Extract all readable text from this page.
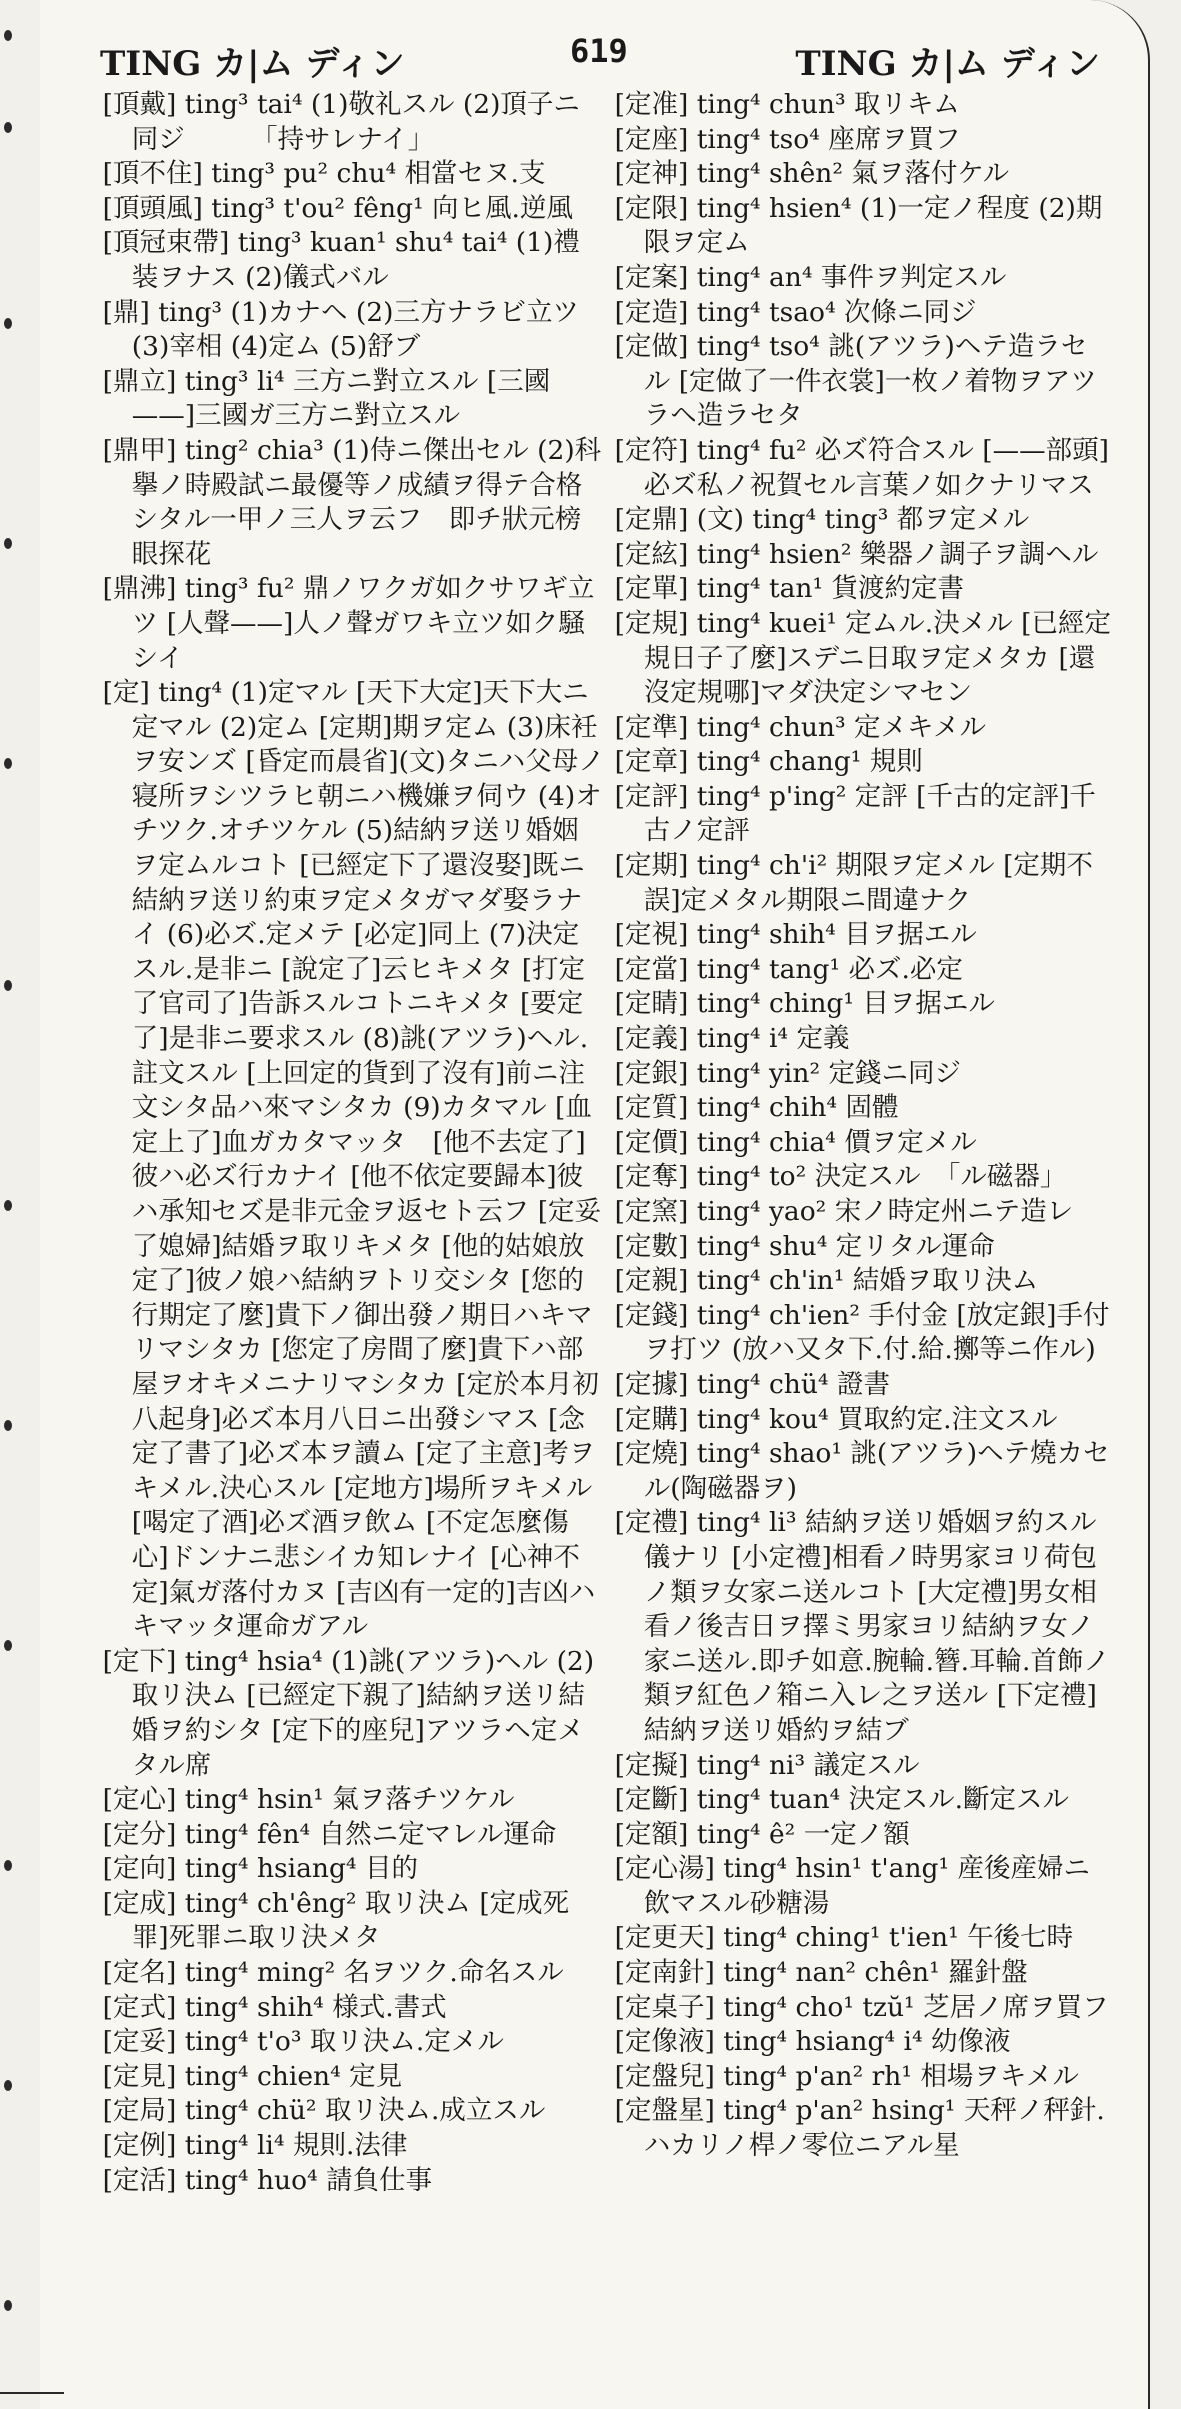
TING カ|ム ディン	619	TING カ|ム ディン

[頂戴] ting³ tai⁴ (1)敬礼スル (2)頂子ニ同ジ　　　「持サレナイ」

[頂不住] ting³ pu² chu⁴ 相當セヌ.支

[頂頭風] ting³ t'ou² fêng¹ 向ヒ風.逆風

[頂冠束帶] ting³ kuan¹ shu⁴ tai⁴ (1)禮装ヲナス (2)儀式バル

[鼎] ting³ (1)カナヘ (2)三方ナラビ立ツ (3)宰相 (4)定ム (5)舒ブ

[鼎立] ting³ li⁴ 三方ニ對立スル [三國——]三國ガ三方ニ對立スル

[鼎甲] ting² chia³ (1)侍ニ傑出セル (2)科擧ノ時殿試ニ最優等ノ成績ヲ得テ合格シタル一甲ノ三人ヲ云フ　即チ狀元榜眼探花

[鼎沸] ting³ fu² 鼎ノワクガ如クサワギ立ツ [人聲——]人ノ聲ガワキ立ツ如ク騒シイ

[定] ting⁴ (1)定マル [天下大定]天下大ニ定マル (2)定ム [定期]期ヲ定ム (3)床衽ヲ安ンズ [昏定而晨省](文)タニハ父母ノ寝所ヲシツラヒ朝ニハ機嫌ヲ伺ウ (4)オチツク.オチツケル (5)結納ヲ送リ婚姻ヲ定ムルコト [已經定下了還沒娶]既ニ結納ヲ送リ約束ヲ定メタガマダ娶ラナイ (6)必ズ.定メテ [必定]同上 (7)決定スル.是非ニ [說定了]云ヒキメタ [打定了官司了]告訴スルコトニキメタ [要定了]是非ニ要求スル (8)誂(アツラ)ヘル.註文スル [上回定的貨到了沒有]前ニ注文シタ品ハ來マシタカ (9)カタマル [血定上了]血ガカタマッタ　[他不去定了]彼ハ必ズ行カナイ [他不依定要歸本]彼ハ承知セズ是非元金ヲ返セト云フ [定妥了媳婦]結婚ヲ取リキメタ [他的姑娘放定了]彼ノ娘ハ結納ヲトリ交シタ [您的行期定了麼]貴下ノ御出發ノ期日ハキマリマシタカ [您定了房間了麼]貴下ハ部屋ヲオキメニナリマシタカ [定於本月初八起身]必ズ本月八日ニ出發シマス [念定了書了]必ズ本ヲ讀ム [定了主意]考ヲキメル.決心スル [定地方]場所ヲキメル [喝定了酒]必ズ酒ヲ飲ム [不定怎麼傷心]ドンナニ悲シイカ知レナイ [心神不定]氣ガ落付カヌ [吉凶有一定的]吉凶ハキマッタ運命ガアル

[定下] ting⁴ hsia⁴ (1)誂(アツラ)ヘル (2)取リ決ム [已經定下親了]結納ヲ送リ結婚ヲ約シタ [定下的座兒]アツラヘ定メタル席

[定心] ting⁴ hsin¹ 氣ヲ落チツケル

[定分] ting⁴ fên⁴ 自然ニ定マレル運命

[定向] ting⁴ hsiang⁴ 目的

[定成] ting⁴ ch'êng² 取リ決ム [定成死罪]死罪ニ取リ決メタ

[定名] ting⁴ ming² 名ヲツク.命名スル

[定式] ting⁴ shih⁴ 様式.書式

[定妥] ting⁴ t'o³ 取リ決ム.定メル

[定見] ting⁴ chien⁴ 定見

[定局] ting⁴ chü² 取リ決ム.成立スル

[定例] ting⁴ li⁴ 規則.法律

[定活] ting⁴ huo⁴ 請負仕事

[定准] ting⁴ chun³ 取リキム

[定座] ting⁴ tso⁴ 座席ヲ買フ

[定神] ting⁴ shên² 氣ヲ落付ケル

[定限] ting⁴ hsien⁴ (1)一定ノ程度 (2)期限ヲ定ム

[定案] ting⁴ an⁴ 事件ヲ判定スル

[定造] ting⁴ tsao⁴ 次條ニ同ジ

[定做] ting⁴ tso⁴ 誂(アツラ)ヘテ造ラセル [定做了一件衣裳]一枚ノ着物ヲアツラヘ造ラセタ

[定符] ting⁴ fu² 必ズ符合スル [——部頭]必ズ私ノ祝賀セル言葉ノ如クナリマス

[定鼎] (文) ting⁴ ting³ 都ヲ定メル

[定絃] ting⁴ hsien² 樂器ノ調子ヲ調ヘル

[定單] ting⁴ tan¹ 貨渡約定書

[定規] ting⁴ kuei¹ 定ムル.決メル [已經定規日子了麼]スデニ日取ヲ定メタカ [還沒定規哪]マダ決定シマセン

[定準] ting⁴ chun³ 定メキメル

[定章] ting⁴ chang¹ 規則

[定評] ting⁴ p'ing² 定評 [千古的定評]千古ノ定評

[定期] ting⁴ ch'i² 期限ヲ定メル [定期不誤]定メタル期限ニ間違ナク

[定視] ting⁴ shih⁴ 目ヲ据エル

[定當] ting⁴ tang¹ 必ズ.必定

[定睛] ting⁴ ching¹ 目ヲ据エル

[定義] ting⁴ i⁴ 定義

[定銀] ting⁴ yin² 定錢ニ同ジ

[定質] ting⁴ chih⁴ 固體

[定價] ting⁴ chia⁴ 價ヲ定メル

[定奪] ting⁴ to² 決定スル　「ル磁器」

[定窯] ting⁴ yao² 宋ノ時定州ニテ造レ

[定數] ting⁴ shu⁴ 定リタル運命

[定親] ting⁴ ch'in¹ 結婚ヲ取リ決ム

[定錢] ting⁴ ch'ien² 手付金 [放定銀]手付ヲ打ツ (放ハ又タ下.付.給.擲等ニ作ル)

[定據] ting⁴ chü⁴ 證書

[定購] ting⁴ kou⁴ 買取約定.注文スル

[定燒] ting⁴ shao¹ 誂(アツラ)ヘテ燒カセル(陶磁器ヲ)

[定禮] ting⁴ li³ 結納ヲ送リ婚姻ヲ約スル儀ナリ [小定禮]相看ノ時男家ヨリ荷包ノ類ヲ女家ニ送ルコト [大定禮]男女相看ノ後吉日ヲ擇ミ男家ヨリ結納ヲ女ノ家ニ送ル.即チ如意.腕輪.簪.耳輪.首飾ノ類ヲ紅色ノ箱ニ入レ之ヲ送ル [下定禮]結納ヲ送リ婚約ヲ結ブ

[定擬] ting⁴ ni³ 議定スル

[定斷] ting⁴ tuan⁴ 決定スル.斷定スル

[定額] ting⁴ ê² 一定ノ額

[定心湯] ting⁴ hsin¹ t'ang¹ 産後産婦ニ飲マスル砂糖湯

[定更天] ting⁴ ching¹ t'ien¹ 午後七時

[定南針] ting⁴ nan² chên¹ 羅針盤

[定桌子] ting⁴ cho¹ tzŭ¹ 芝居ノ席ヲ買フ

[定像液] ting⁴ hsiang⁴ i⁴ 幼像液

[定盤兒] ting⁴ p'an² rh¹ 相場ヲキメル

[定盤星] ting⁴ p'an² hsing¹ 天秤ノ秤針.ハカリノ桿ノ零位ニアル星
